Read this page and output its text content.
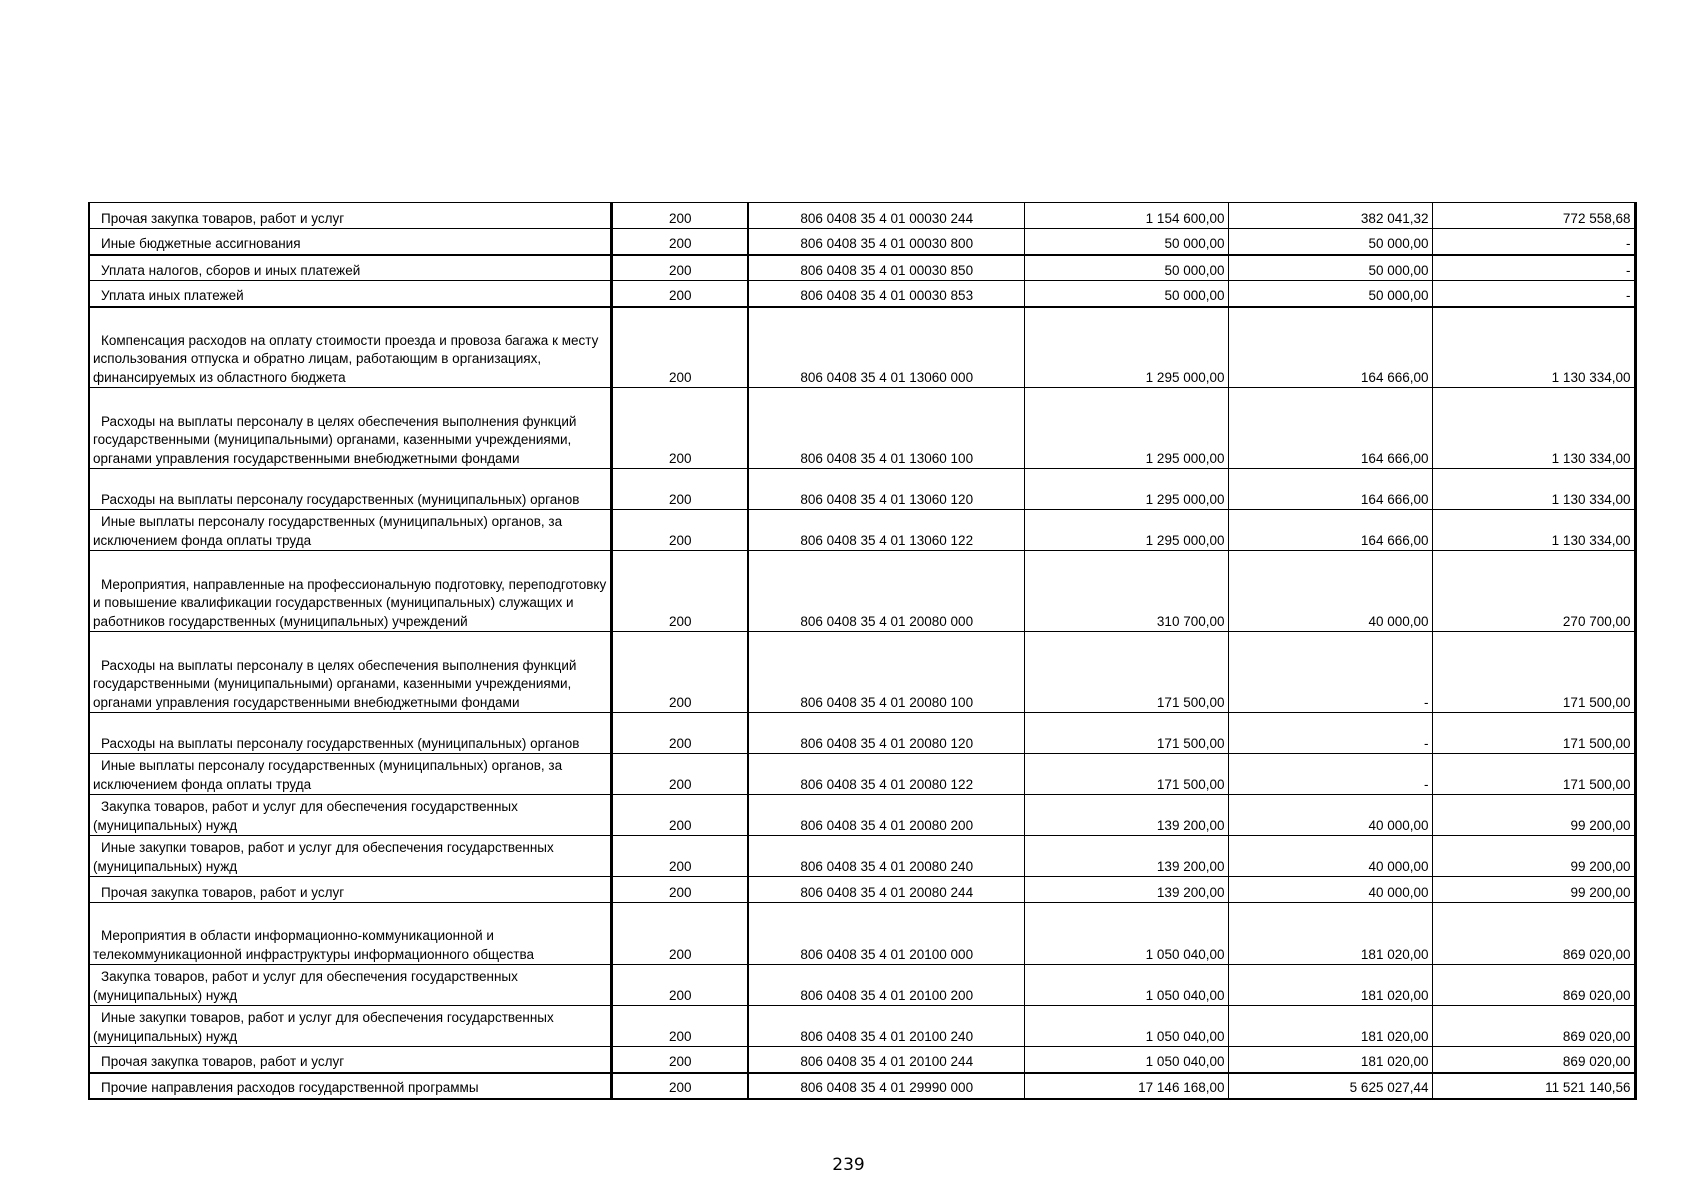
Прочая закупка товаров, работ и услуг	200	806 0408 35 4 01 00030 244	1 154 600,00	382 041,32	772 558,68
Иные бюджетные ассигнования	200	806 0408 35 4 01 00030 800	50 000,00	50 000,00	-
Уплата налогов, сборов и иных платежей	200	806 0408 35 4 01 00030 850	50 000,00	50 000,00	-
Уплата иных платежей	200	806 0408 35 4 01 00030 853	50 000,00	50 000,00	-
Компенсация расходов на оплату стоимости проезда и провоза багажа к месту использования отпуска и обратно лицам, работающим в организациях, финансируемых из областного бюджета	200	806 0408 35 4 01 13060 000	1 295 000,00	164 666,00	1 130 334,00
Расходы на выплаты персоналу в целях обеспечения выполнения функций государственными (муниципальными) органами, казенными учреждениями, органами управления государственными внебюджетными фондами	200	806 0408 35 4 01 13060 100	1 295 000,00	164 666,00	1 130 334,00
Расходы на выплаты персоналу государственных (муниципальных) органов	200	806 0408 35 4 01 13060 120	1 295 000,00	164 666,00	1 130 334,00
Иные выплаты персоналу государственных (муниципальных) органов, за исключением фонда оплаты труда	200	806 0408 35 4 01 13060 122	1 295 000,00	164 666,00	1 130 334,00
Мероприятия, направленные на профессиональную подготовку, переподготовку и повышение квалификации государственных (муниципальных) служащих и работников государственных (муниципальных) учреждений	200	806 0408 35 4 01 20080 000	310 700,00	40 000,00	270 700,00
Расходы на выплаты персоналу в целях обеспечения выполнения функций государственными (муниципальными) органами, казенными учреждениями, органами управления государственными внебюджетными фондами	200	806 0408 35 4 01 20080 100	171 500,00	-	171 500,00
Расходы на выплаты персоналу государственных (муниципальных) органов	200	806 0408 35 4 01 20080 120	171 500,00	-	171 500,00
Иные выплаты персоналу государственных (муниципальных) органов, за исключением фонда оплаты труда	200	806 0408 35 4 01 20080 122	171 500,00	-	171 500,00
Закупка товаров, работ и услуг для обеспечения государственных (муниципальных) нужд	200	806 0408 35 4 01 20080 200	139 200,00	40 000,00	99 200,00
Иные закупки товаров, работ и услуг для обеспечения государственных (муниципальных) нужд	200	806 0408 35 4 01 20080 240	139 200,00	40 000,00	99 200,00
Прочая закупка товаров, работ и услуг	200	806 0408 35 4 01 20080 244	139 200,00	40 000,00	99 200,00
Мероприятия в области информационно-коммуникационной и телекоммуникационной инфраструктуры информационного общества	200	806 0408 35 4 01 20100 000	1 050 040,00	181 020,00	869 020,00
Закупка товаров, работ и услуг для обеспечения государственных (муниципальных) нужд	200	806 0408 35 4 01 20100 200	1 050 040,00	181 020,00	869 020,00
Иные закупки товаров, работ и услуг для обеспечения государственных (муниципальных) нужд	200	806 0408 35 4 01 20100 240	1 050 040,00	181 020,00	869 020,00
Прочая закупка товаров, работ и услуг	200	806 0408 35 4 01 20100 244	1 050 040,00	181 020,00	869 020,00
Прочие направления расходов государственной программы	200	806 0408 35 4 01 29990 000	17 146 168,00	5 625 027,44	11 521 140,56
239
